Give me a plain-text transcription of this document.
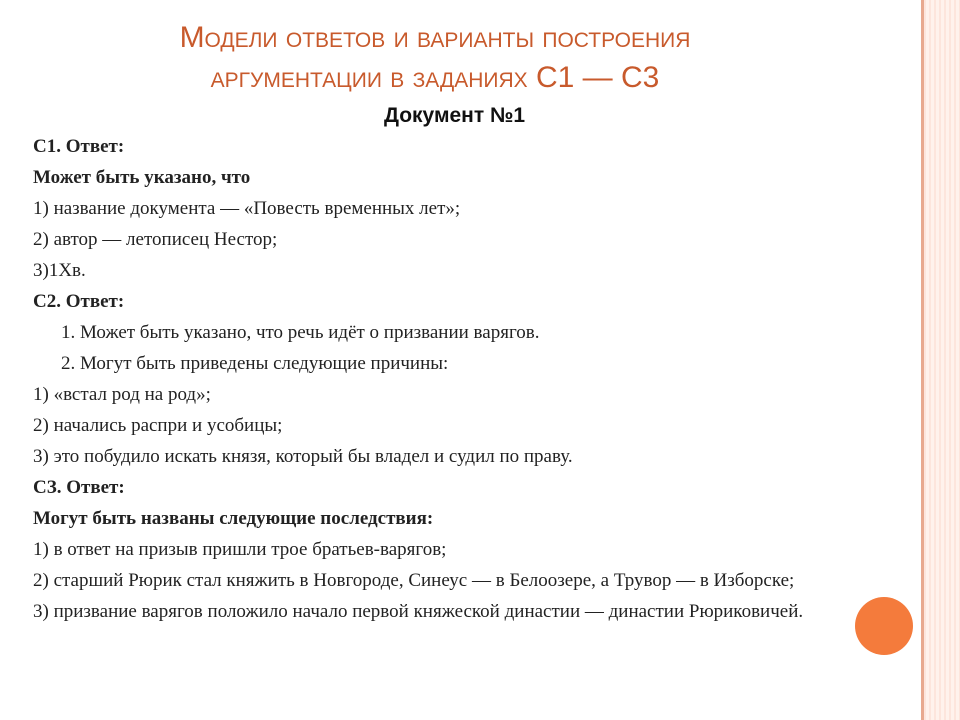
Модели ответов и варианты построения
аргументации в заданиях С1 — С3
Документ №1
С1. Ответ:
Может быть указано, что
1) название документа — «Повесть временных лет»;
2) автор — летописец Нестор;
3)1Хв.
С2. Ответ:
1. Может быть указано, что речь идёт о призвании варягов.
2. Могут быть приведены следующие причины:
1) «встал род на род»;
2) начались распри и усобицы;
3) это побудило искать князя, который бы владел и судил по праву.
СЗ. Ответ:
Могут быть названы следующие последствия:
1) в ответ на призыв пришли трое братьев-варягов;
2) старший Рюрик стал княжить в Новгороде, Синеус — в Белоозере, а Трувор — в Изборске;
3) призвание варягов положило начало первой княжеской династии — династии Рюриковичей.
